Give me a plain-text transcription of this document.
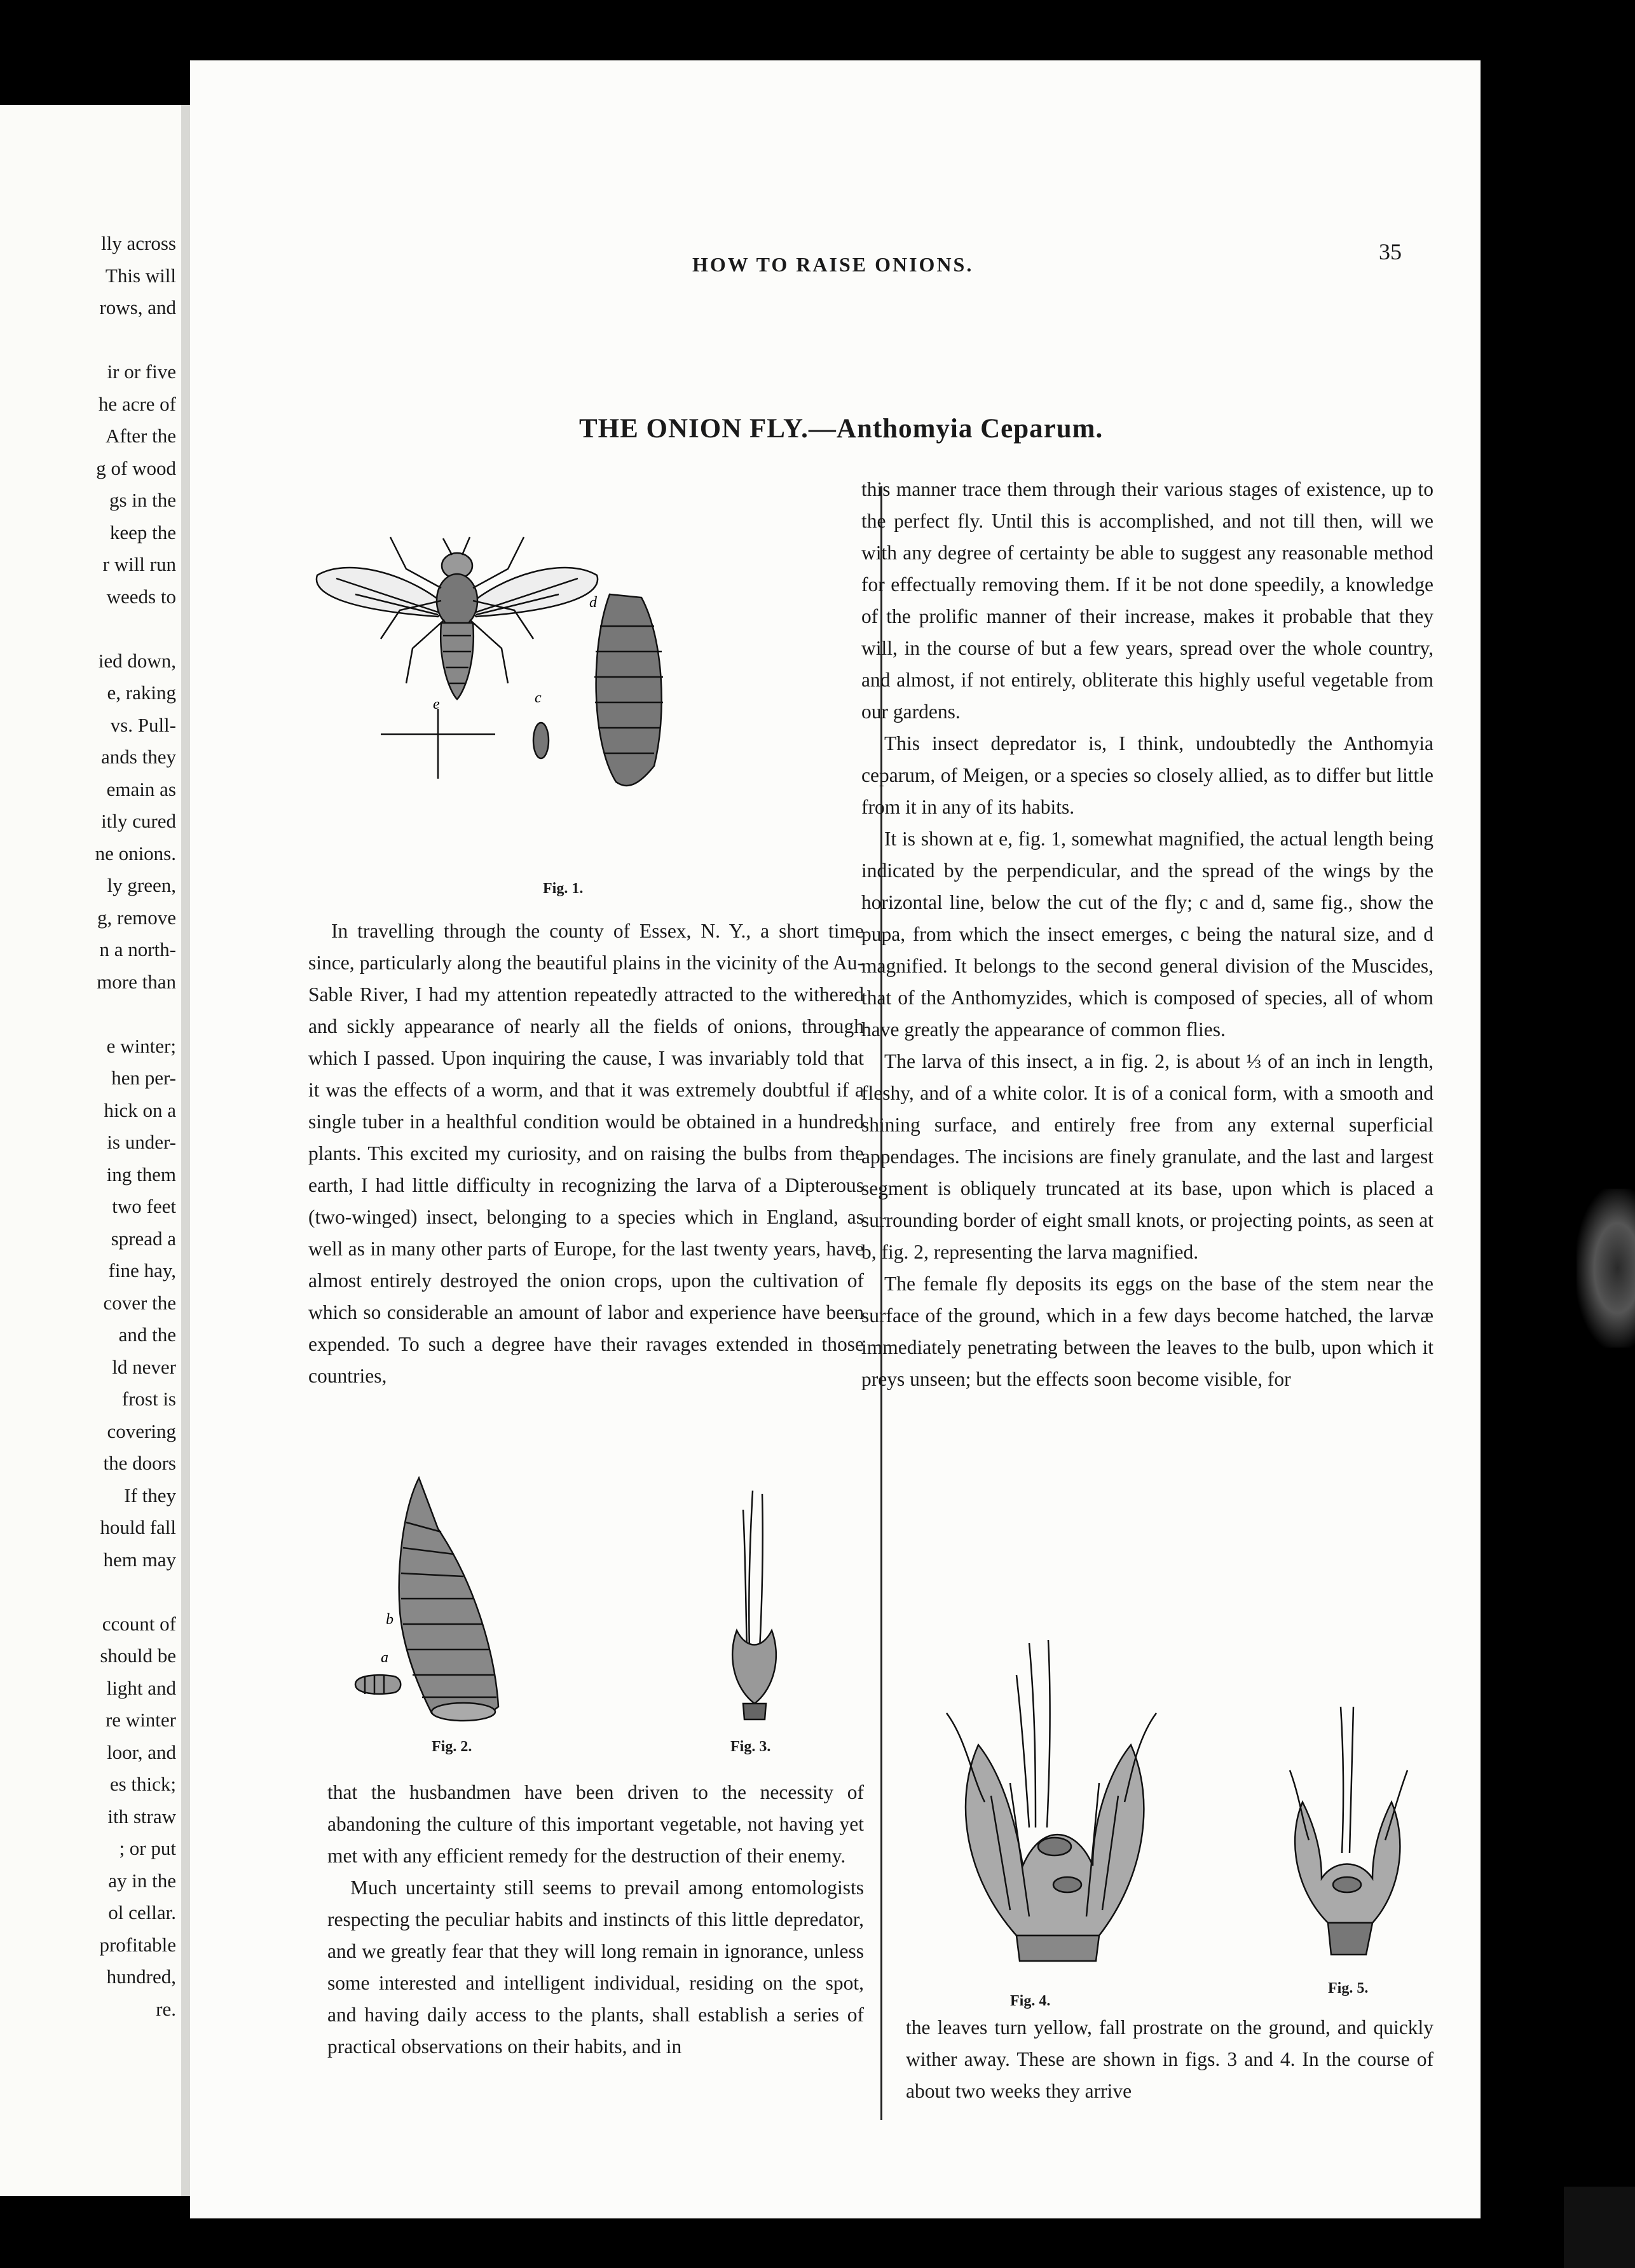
lly across
This will
rows, and
ir or five
he acre of
After the
g of wood
gs in the
keep the
r will run
weeds to
ied down,
e, raking
vs. Pull-
ands they
emain as
itly cured
ne onions.
ly green,
g, remove
n a north-
more than
e winter;
hen per-
hick on a
is under-
ing them
two feet
spread a
fine hay,
cover the
and the
ld never
frost is
covering
the doors
If they
hould fall
hem may
ccount of
should be
light and
re winter
loor, and
es thick;
ith straw
; or put
ay in the
ol cellar.
profitable
hundred,
re.
HOW TO RAISE ONIONS.	35
THE ONION FLY.—Anthomyia Ceparum.
d
c
e
Fig. 1.

In travelling through the county of Essex, N. Y., a short time since, particularly along the beautiful plains in the vicinity of the Au-Sable River, I had my attention repeatedly attracted to the withered and sickly appearance of nearly all the fields of onions, through which I passed. Upon inquiring the cause, I was invariably told that it was the effects of a worm, and that it was extremely doubtful if a single tuber in a healthful condition would be obtained in a hundred plants. This excited my curiosity, and on raising the bulbs from the earth, I had little difficulty in recognizing the larva of a Dipterous (two-winged) insect, belonging to a species which in England, as well as in many other parts of Europe, for the last twenty years, have almost entirely destroyed the onion crops, upon the cultivation of which so considerable an amount of labor and experience have been expended. To such a degree have their ravages extended in those countries,

b
a
Fig. 2.	Fig. 3.

that the husbandmen have been driven to the necessity of abandoning the culture of this important vegetable, not having yet met with any efficient remedy for the destruction of their enemy.

Much uncertainty still seems to prevail among entomologists respecting the peculiar habits and instincts of this little depredator, and we greatly fear that they will long remain in ignorance, unless some interested and intelligent individual, residing on the spot, and having daily access to the plants, shall establish a series of practical observations on their habits, and in

this manner trace them through their various stages of existence, up to the perfect fly. Until this is accomplished, and not till then, will we with any degree of certainty be able to suggest any reasonable method for effectually removing them. If it be not done speedily, a knowledge of the prolific manner of their increase, makes it probable that they will, in the course of but a few years, spread over the whole country, and almost, if not entirely, obliterate this highly useful vegetable from our gardens.

This insect depredator is, I think, undoubtedly the Anthomyia ceparum, of Meigen, or a species so closely allied, as to differ but little from it in any of its habits.

It is shown at e, fig. 1, somewhat magnified, the actual length being indicated by the perpendicular, and the spread of the wings by the horizontal line, below the cut of the fly; c and d, same fig., show the pupa, from which the insect emerges, c being the natural size, and d magnified. It belongs to the second general division of the Muscides, that of the Anthomyzides, which is composed of species, all of whom have greatly the appearance of common flies.

The larva of this insect, a in fig. 2, is about ⅓ of an inch in length, fleshy, and of a white color. It is of a conical form, with a smooth and shining surface, and entirely free from any external superficial appendages. The incisions are finely granulate, and the last and largest segment is obliquely truncated at its base, upon which is placed a surrounding border of eight small knots, or projecting points, as seen at b, fig. 2, representing the larva magnified.

The female fly deposits its eggs on the base of the stem near the surface of the ground, which in a few days become hatched, the larvæ immediately penetrating between the leaves to the bulb, upon which it preys unseen; but the effects soon become visible, for

Fig. 4.
Fig. 5.

the leaves turn yellow, fall prostrate on the ground, and quickly wither away. These are shown in figs. 3 and 4. In the course of about two weeks they arrive
